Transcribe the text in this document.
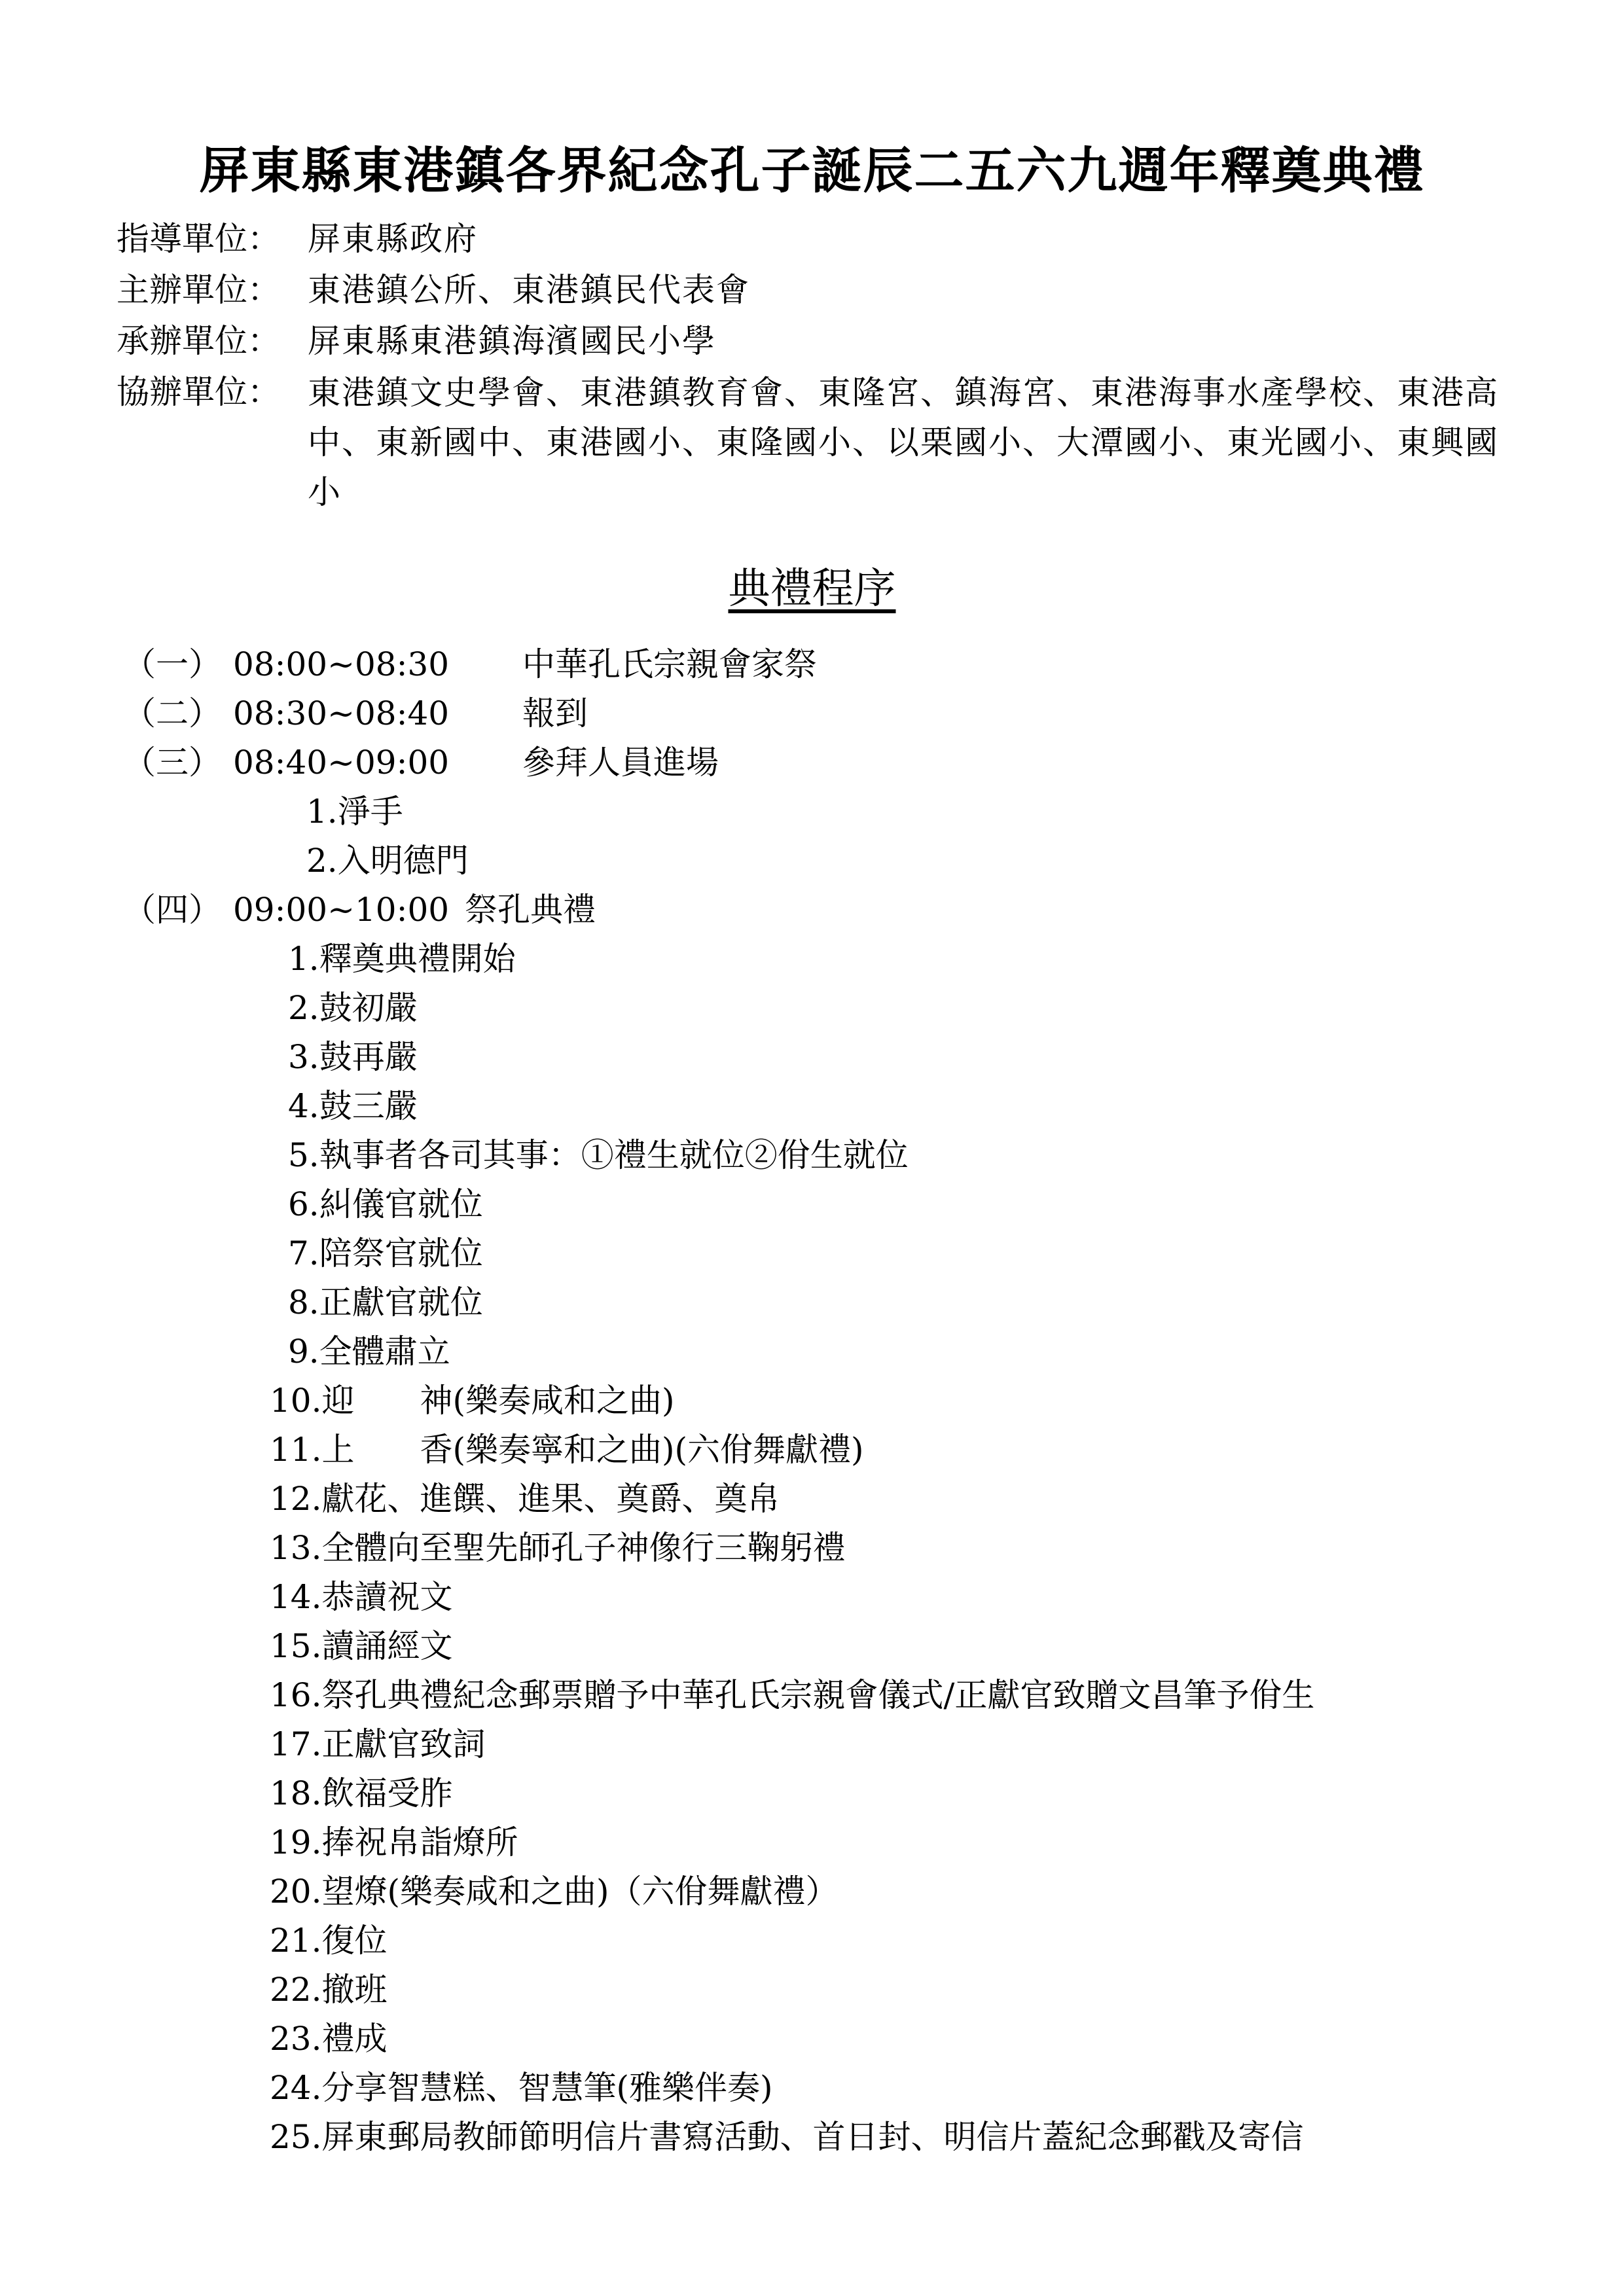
屏東縣東港鎮各界紀念孔子誕辰二五六九週年釋奠典禮
指導單位： 屏東縣政府
主辦單位： 東港鎮公所、東港鎮民代表會
承辦單位： 屏東縣東港鎮海濱國民小學
協辦單位： 東港鎮文史學會、東港鎮教育會、東隆宮、鎮海宮、東港海事水產學校、東港高中、東新國中、東港國小、東隆國小、以栗國小、大潭國小、東光國小、東興國小
典禮程序
（一） 08:00~08:30 中華孔氏宗親會家祭
（二） 08:30~08:40 報到
（三） 08:40~09:00 參拜人員進場
1.淨手
2.入明德門
（四） 09:00~10:00 祭孔典禮
1.釋奠典禮開始
2.鼓初嚴
3.鼓再嚴
4.鼓三嚴
5.執事者各司其事：①禮生就位②佾生就位
6.糾儀官就位
7.陪祭官就位
8.正獻官就位
9.全體肅立
10.迎　　神(樂奏咸和之曲)
11.上　　香(樂奏寧和之曲)(六佾舞獻禮)
12.獻花、進饌、進果、奠爵、奠帛
13.全體向至聖先師孔子神像行三鞠躬禮
14.恭讀祝文
15.讀誦經文
16.祭孔典禮紀念郵票贈予中華孔氏宗親會儀式/正獻官致贈文昌筆予佾生
17.正獻官致詞
18.飲福受胙
19.捧祝帛詣燎所
20.望燎(樂奏咸和之曲)（六佾舞獻禮）
21.復位
22.撤班
23.禮成
24.分享智慧糕、智慧筆(雅樂伴奏)
25.屏東郵局教師節明信片書寫活動、首日封、明信片蓋紀念郵戳及寄信
